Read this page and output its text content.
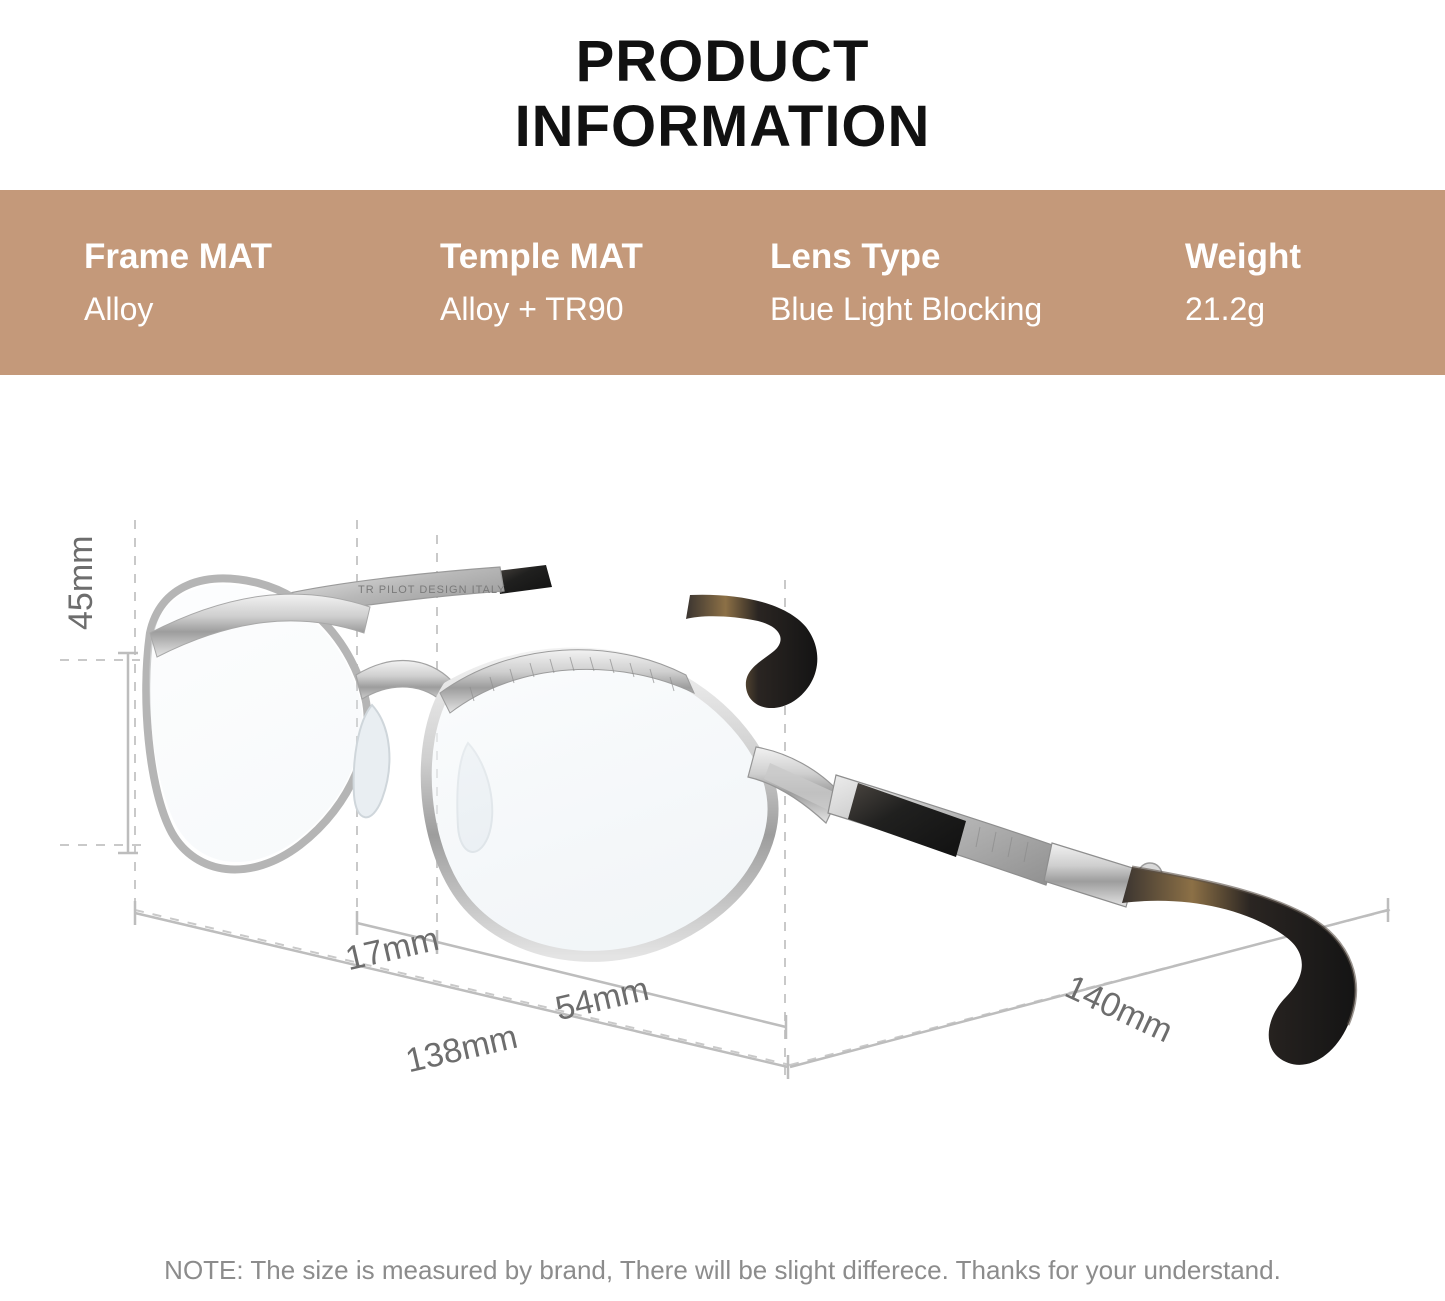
PRODUCT
INFORMATION
Frame MAT
Alloy
Temple MAT
Alloy + TR90
Lens Type
Blue Light Blocking
Weight
21.2g
TR PILOT DESIGN ITALY
45mm
17mm
54mm
138mm	140mm
NOTE: The size is measured by brand, There will be slight differece. Thanks for your understand.
